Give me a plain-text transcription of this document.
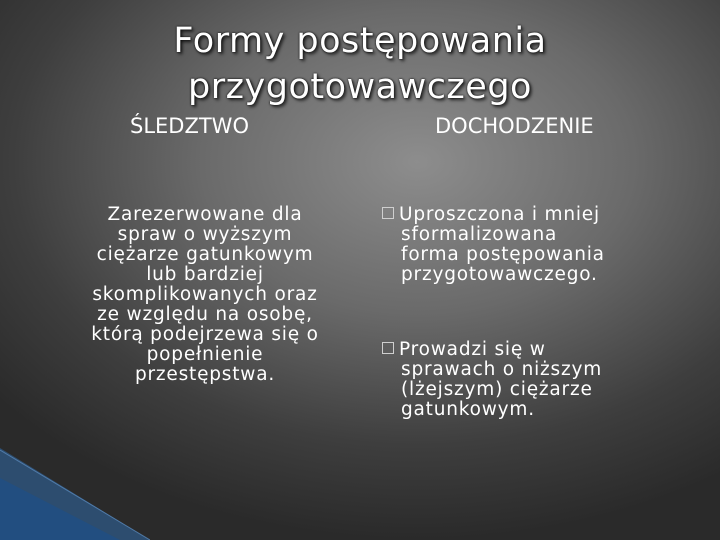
Formy postępowania
przygotowawczego
ŚLEDZTWO	DOCHODZENIE
Zarezerwowane dla
spraw o wyższym
ciężarze gatunkowym
lub bardziej
skomplikowanych oraz
ze względu na osobę,
którą podejrzewa się o
popełnienie
przestępstwa.
Uproszczona i mniej
sformalizowana
forma postępowania
przygotowawczego.
Prowadzi się w
sprawach o niższym
(lżejszym) ciężarze
gatunkowym.
